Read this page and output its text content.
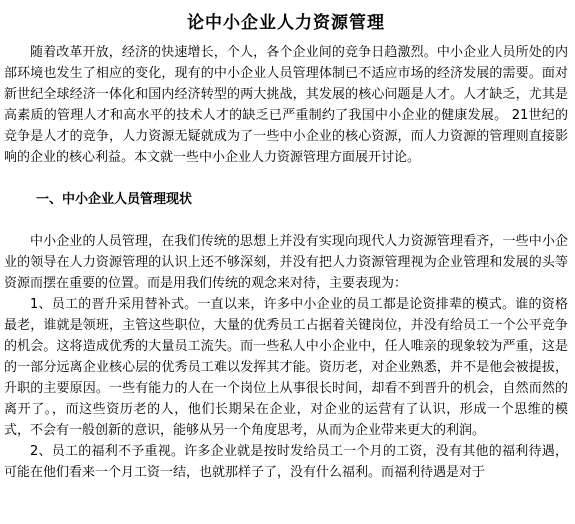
论中小企业人力资源管理

随着改革开放，经济的快速增长，个人，各个企业间的竞争日趋激烈。中小企业人员所处的内部环境也发生了相应的变化，现有的中小企业人员管理体制已不适应市场的经济发展的需要。面对新世纪全球经济一体化和国内经济转型的两大挑战，其发展的核心问题是人才。人才缺乏，尤其是高素质的管理人才和高水平的技术人才的缺乏已严重制约了我国中小企业的健康发展。 21世纪的竞争是人才的竞争，人力资源无疑就成为了一些中小企业的核心资源，而人力资源的管理则直接影响的企业的核心利益。本文就一些中小企业人力资源管理方面展开讨论。

一、中小企业人员管理现状

中小企业的人员管理，在我们传统的思想上并没有实现向现代人力资源管理看齐，一些中小企业的领导在人力资源管理的认识上还不够深刻，并没有把人力资源管理视为企业管理和发展的头等资源而摆在重要的位置。而是用我们传统的观念来对待，主要表现为：

1、员工的晋升采用替补式。一直以来，许多中小企业的员工都是论资排辈的模式。谁的资格最老，谁就是领班，主管这些职位，大量的优秀员工占据着关键岗位，并没有给员工一个公平竞争的机会。这将造成优秀的大量员工流失。而一些私人中小企业中，任人唯亲的现象较为严重，这是的一部分远离企业核心层的优秀员工难以发挥其才能。资历老，对企业熟悉，并不是他会被提拔，升职的主要原因。一些有能力的人在一个岗位上从事很长时间，却看不到晋升的机会，自然而然的离开了。，而这些资历老的人，他们长期呆在企业，对企业的运营有了认识，形成一个思维的模式，不会有一般创新的意识，能够从另一个角度思考，从而为企业带来更大的利润。

2、员工的福利不予重视。许多企业就是按时发给员工一个月的工资，没有其他的福利待遇，可能在他们看来一个月工资一结，也就那样子了，没有什么福利。而福利待遇是对于
